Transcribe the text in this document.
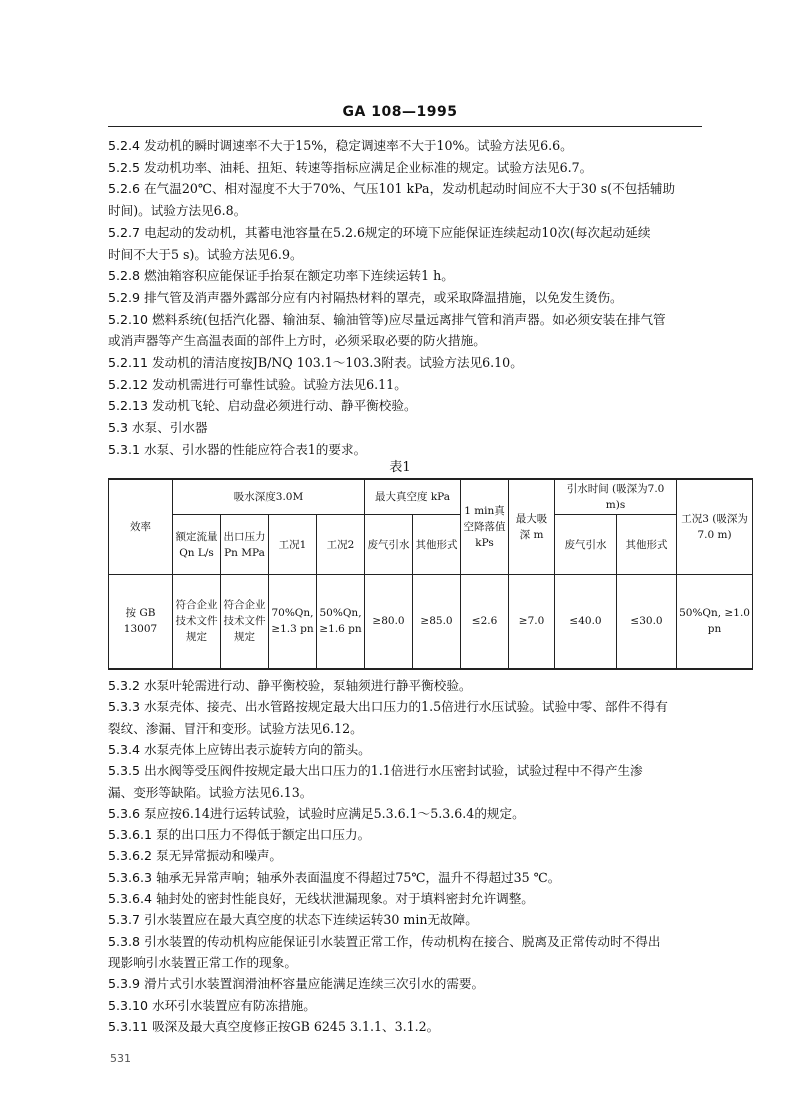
GA 108—1995
5.2.4 发动机的瞬时调速率不大于15%，稳定调速率不大于10%。试验方法见6.6。
5.2.5 发动机功率、油耗、扭矩、转速等指标应满足企业标准的规定。试验方法见6.7。
5.2.6 在气温20℃、相对湿度不大于70%、气压101 kPa，发动机起动时间应不大于30 s(不包括辅助
时间)。试验方法见6.8。
5.2.7 电起动的发动机，其蓄电池容量在5.2.6规定的环境下应能保证连续起动10次(每次起动延续
时间不大于5 s)。试验方法见6.9。
5.2.8 燃油箱容积应能保证手抬泵在额定功率下连续运转1 h。
5.2.9 排气管及消声器外露部分应有内衬隔热材料的罩壳，或采取降温措施，以免发生烫伤。
5.2.10 燃料系统(包括汽化器、输油泵、输油管等)应尽量远离排气管和消声器。如必须安装在排气管
或消声器等产生高温表面的部件上方时，必须采取必要的防火措施。
5.2.11 发动机的清洁度按JB/NQ 103.1～103.3附表。试验方法见6.10。
5.2.12 发动机需进行可靠性试验。试验方法见6.11。
5.2.13 发动机飞轮、启动盘必须进行动、静平衡校验。
5.3 水泵、引水器
5.3.1 水泵、引水器的性能应符合表1的要求。
表1
效率	吸水深度3.0M				最大真空度 kPa		1 min真空降落值 kPs	最大吸深 m	引水时间 (吸深为7.0 m)s		工况3 (吸深为7.0 m)
	额定流量Qn L/s	出口压力Pn MPa	工况1	工况2	废气引水	其他形式			废气引水	其他形式	
按 GB 13007	符合企业技术文件规定	符合企业技术文件规定	70%Qn, ≥1.3 pn	50%Qn, ≥1.6 pn	≥80.0	≥85.0	≤2.6	≥7.0	≤40.0	≤30.0	50%Qn, ≥1.0 pn
5.3.2 水泵叶轮需进行动、静平衡校验，泵轴须进行静平衡校验。
5.3.3 水泵壳体、接壳、出水管路按规定最大出口压力的1.5倍进行水压试验。试验中零、部件不得有
裂纹、渗漏、冒汗和变形。试验方法见6.12。
5.3.4 水泵壳体上应铸出表示旋转方向的箭头。
5.3.5 出水阀等受压阀件按规定最大出口压力的1.1倍进行水压密封试验，试验过程中不得产生渗
漏、变形等缺陷。试验方法见6.13。
5.3.6 泵应按6.14进行运转试验，试验时应满足5.3.6.1～5.3.6.4的规定。
5.3.6.1 泵的出口压力不得低于额定出口压力。
5.3.6.2 泵无异常振动和噪声。
5.3.6.3 轴承无异常声响；轴承外表面温度不得超过75℃，温升不得超过35 ℃。
5.3.6.4 轴封处的密封性能良好，无线状泄漏现象。对于填料密封允许调整。
5.3.7 引水装置应在最大真空度的状态下连续运转30 min无故障。
5.3.8 引水装置的传动机构应能保证引水装置正常工作，传动机构在接合、脱离及正常传动时不得出
现影响引水装置正常工作的现象。
5.3.9 滑片式引水装置润滑油杯容量应能满足连续三次引水的需要。
5.3.10 水环引水装置应有防冻措施。
5.3.11 吸深及最大真空度修正按GB 6245 3.1.1、3.1.2。
531
